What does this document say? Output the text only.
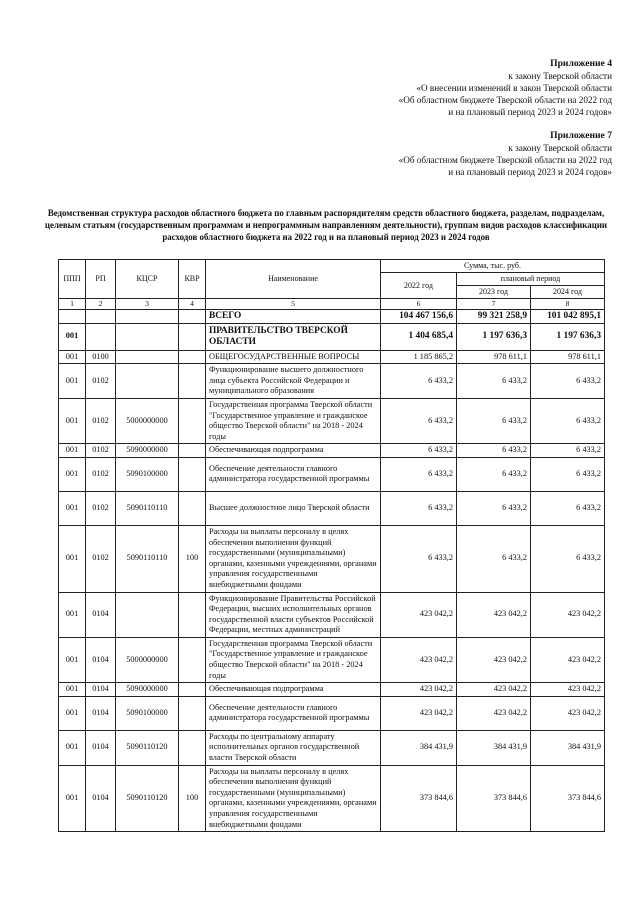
Приложение 4
к закону Тверской области
«О внесении изменений в закон Тверской области
«Об областном бюджете Тверской области на 2022 год
и на плановый период 2023 и 2024 годов»
Приложение 7
к закону Тверской области
«Об областном бюджете Тверской области на 2022 год
и на плановый период 2023 и 2024 годов»
Ведомственная структура расходов областного бюджета по главным распорядителям средств областного бюджета, разделам, подразделам, целевым статьям (государственным программам и непрограммным направлениям деятельности), группам видов расходов классификации расходов областного бюджета на 2022 год и на плановый период 2023 и 2024 годов
ППП	РП	КЦСР	КВР	Наименование	Сумма, тыс. руб.		
					2022 год	плановый период	
						2023 год	2024 год
1	2	3	4	5	6	7	8
				ВСЕГО	104 467 156,6	99 321 258,9	101 042 895,1
001				ПРАВИТЕЛЬСТВО ТВЕРСКОЙ ОБЛАСТИ	1 404 685,4	1 197 636,3	1 197 636,3
001	0100			ОБЩЕГОСУДАРСТВЕННЫЕ ВОПРОСЫ	1 185 865,2	978 611,1	978 611,1
001	0102			Функционирование высшего должностного лица субъекта Российской Федерации и муниципального образования	6 433,2	6 433,2	6 433,2
001	0102	5000000000		Государственная программа Тверской области "Государственное управление и гражданское общество Тверской области" на 2018 - 2024 годы	6 433,2	6 433,2	6 433,2
001	0102	5090000000		Обеспечивающая подпрограмма	6 433,2	6 433,2	6 433,2
001	0102	5090100000		Обеспечение деятельности главного администратора государственной программы	6 433,2	6 433,2	6 433,2
001	0102	5090110110		Высшее должностное лицо Тверской области	6 433,2	6 433,2	6 433,2
001	0102	5090110110	100	Расходы на выплаты персоналу в целях обеспечения выполнения функций государственными (муниципальными) органами, казенными учреждениями, органами управления государственными внебюджетными фондами	6 433,2	6 433,2	6 433,2
001	0104			Функционирование Правительства Российской Федерации, высших исполнительных органов государственной власти субъектов Российской Федерации, местных администраций	423 042,2	423 042,2	423 042,2
001	0104	5000000000		Государственная программа Тверской области "Государственное управление и гражданское общество Тверской области" на 2018 - 2024 годы	423 042,2	423 042,2	423 042,2
001	0104	5090000000		Обеспечивающая подпрограмма	423 042,2	423 042,2	423 042,2
001	0104	5090100000		Обеспечение деятельности главного администратора государственной программы	423 042,2	423 042,2	423 042,2
001	0104	5090110120		Расходы по центральному аппарату исполнительных органов государственной власти Тверской области	384 431,9	384 431,9	384 431,9
001	0104	5090110120	100	Расходы на выплаты персоналу в целях обеспечения выполнения функций государственными (муниципальными) органами, казенными учреждениями, органами управления государственными внебюджетными фондами	373 844,6	373 844,6	373 844,6
